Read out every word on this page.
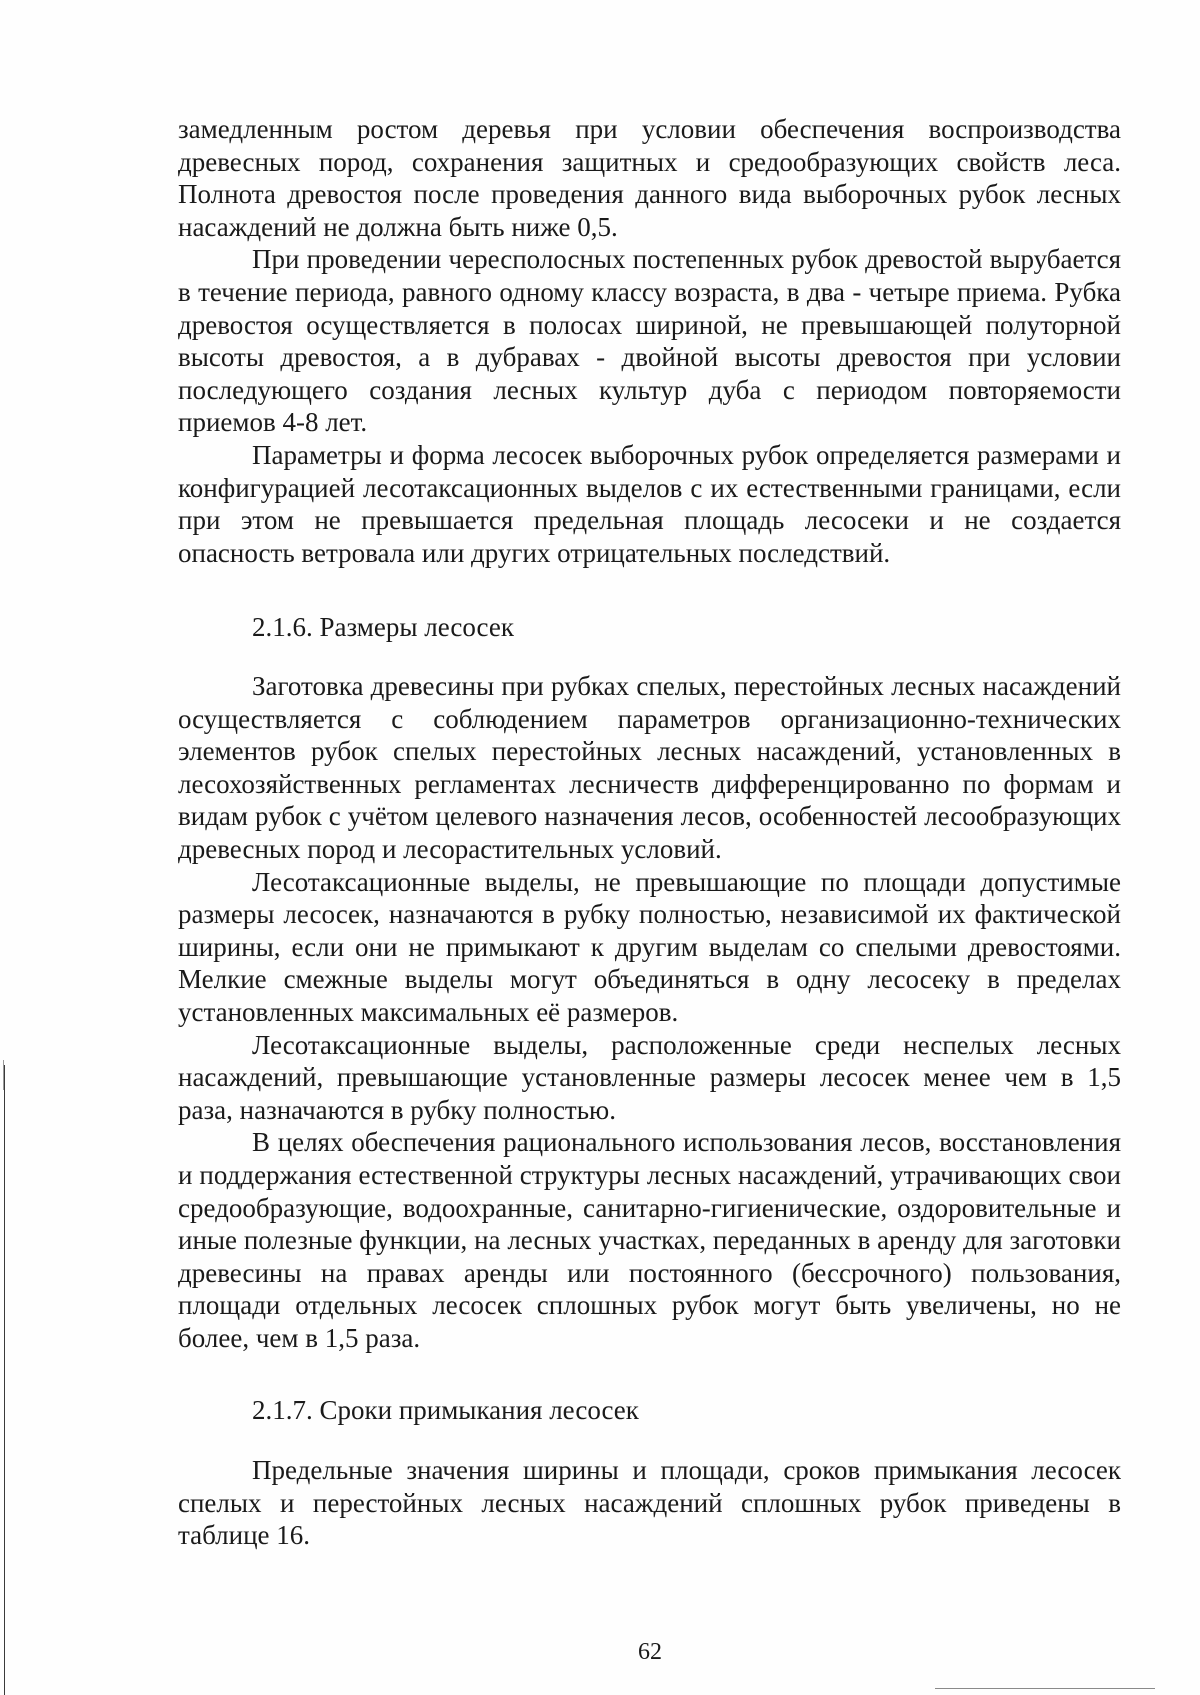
замедленным ростом деревья при условии обеспечения воспроизводства древесных пород, сохранения защитных и средообразующих свойств леса. Полнота древостоя после проведения данного вида выборочных рубок лесных насаждений не должна быть ниже 0,5.

При проведении чересполосных постепенных рубок древостой вырубается в течение периода, равного одному классу возраста, в два - четыре приема. Рубка древостоя осуществляется в полосах шириной, не превышающей полуторной высоты древостоя, а в дубравах - двойной высоты древостоя при условии последующего создания лесных культур дуба с периодом повторяемости приемов 4-8 лет.

Параметры и форма лесосек выборочных рубок определяется размерами и конфигурацией лесотаксационных выделов с их естественными границами, если при этом не превышается предельная площадь лесосеки и не создается опасность ветровала или других отрицательных последствий.

2.1.6. Размеры лесосек

Заготовка древесины при рубках спелых, перестойных лесных насаждений осуществляется с соблюдением параметров организационно-технических элементов рубок спелых перестойных лесных насаждений, установленных в лесохозяйственных регламентах лесничеств дифференцированно по формам и видам рубок с учётом целевого назначения лесов, особенностей лесообразующих древесных пород и лесорастительных условий.

Лесотаксационные выделы, не превышающие по площади допустимые размеры лесосек, назначаются в рубку полностью, независимой их фактической ширины, если они не примыкают к другим выделам со спелыми древостоями. Мелкие смежные выделы могут объединяться в одну лесосеку в пределах установленных максимальных её размеров.

Лесотаксационные выделы, расположенные среди неспелых лесных насаждений, превышающие установленные размеры лесосек менее чем в 1,5 раза, назначаются в рубку полностью.

В целях обеспечения рационального использования лесов, восстановления и поддержания естественной структуры лесных насаждений, утрачивающих свои средообразующие, водоохранные, санитарно-гигиенические, оздоровительные и иные полезные функции, на лесных участках, переданных в аренду для заготовки древесины на правах аренды или постоянного (бессрочного) пользования, площади отдельных лесосек сплошных рубок могут быть увеличены, но не более, чем в 1,5 раза.

2.1.7. Сроки примыкания лесосек

Предельные значения ширины и площади, сроков примыкания лесосек спелых и перестойных лесных насаждений сплошных рубок приведены в таблице 16.

62
